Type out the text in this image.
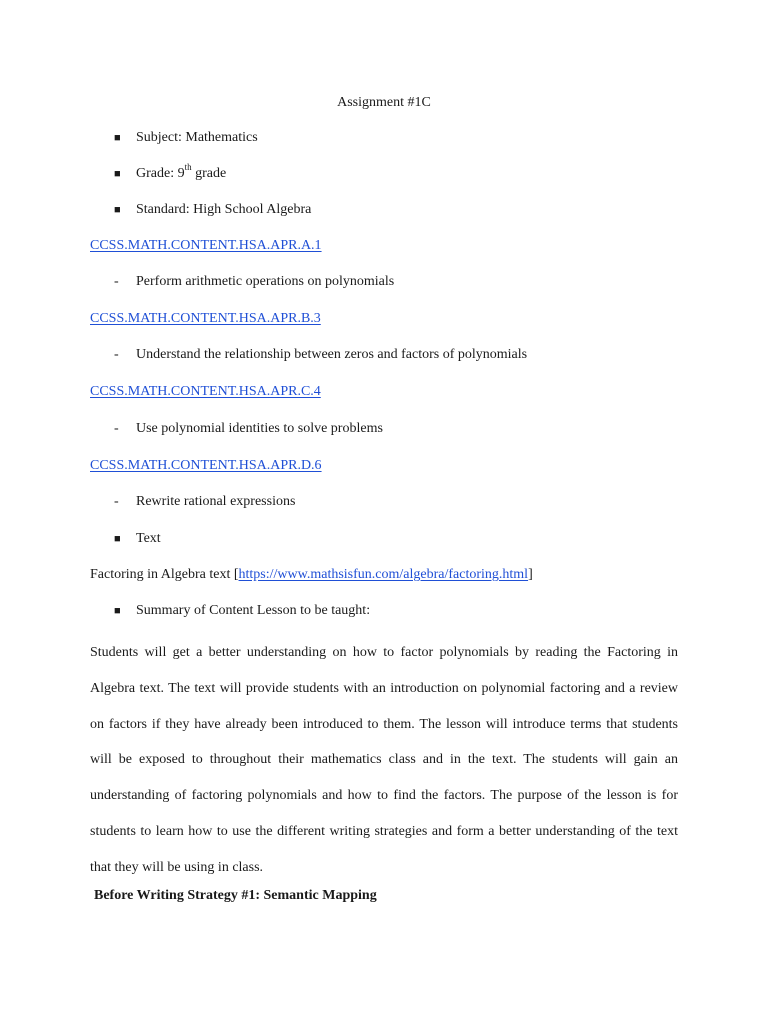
Assignment #1C
■ Subject: Mathematics
■ Grade: 9th grade
■ Standard: High School Algebra
CCSS.MATH.CONTENT.HSA.APR.A.1
- Perform arithmetic operations on polynomials
CCSS.MATH.CONTENT.HSA.APR.B.3
- Understand the relationship between zeros and factors of polynomials
CCSS.MATH.CONTENT.HSA.APR.C.4
- Use polynomial identities to solve problems
CCSS.MATH.CONTENT.HSA.APR.D.6
- Rewrite rational expressions
■ Text
Factoring in Algebra text [https://www.mathsisfun.com/algebra/factoring.html]
■ Summary of Content Lesson to be taught:
Students will get a better understanding on how to factor polynomials by reading the Factoring in Algebra text. The text will provide students with an introduction on polynomial factoring and a review on factors if they have already been introduced to them. The lesson will introduce terms that students will be exposed to throughout their mathematics class and in the text. The students will gain an understanding of factoring polynomials and how to find the factors. The purpose of the lesson is for students to learn how to use the different writing strategies and form a better understanding of the text that they will be using in class.
Before Writing Strategy #1: Semantic Mapping
